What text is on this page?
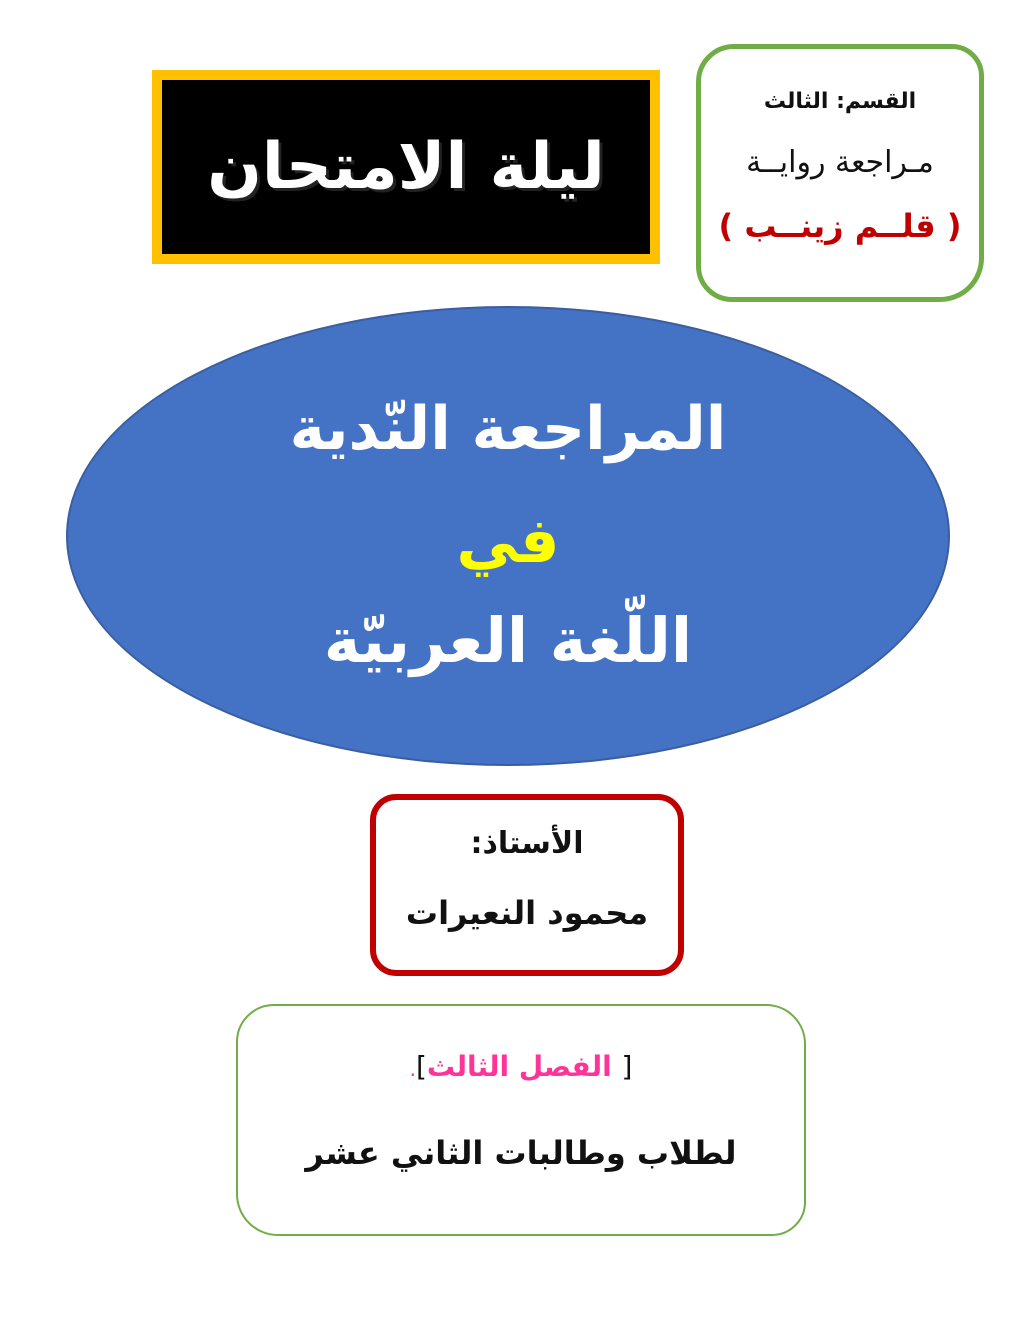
القسم: الثالث
مـراجعة روايــة
( قلــم زينــب )
ليلة الامتحان
المراجعة النّدية
في
اللّغة العربيّة
الأستاذ:
محمود النعيرات
[ الفصل الثالث].
لطلاب وطالبات الثاني عشر
